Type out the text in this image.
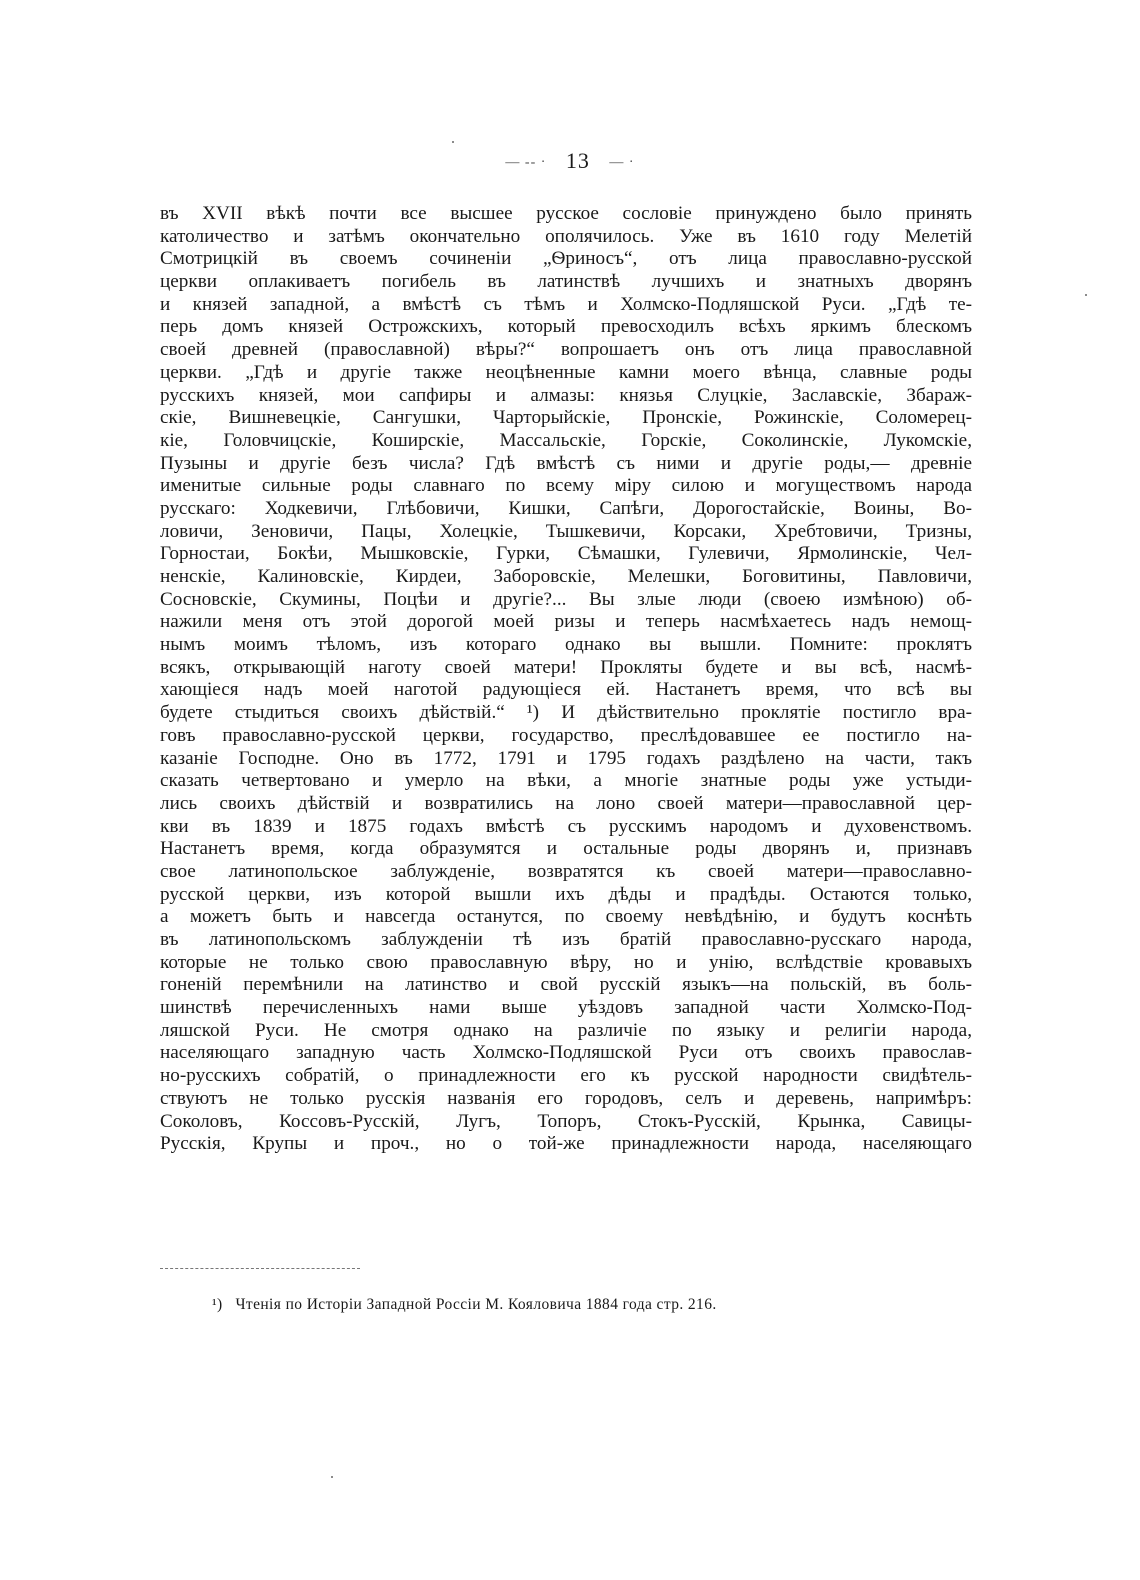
— -- · 13 — ·
въ XVII вѣкѣ почти все высшее русское сословіе принуждено было принять
католичество и затѣмъ окончательно ополячилось. Уже въ 1610 году Мелетій
Смотрицкій въ своемъ сочиненіи „Ѳриносъ“, отъ лица православно-русской
церкви оплакиваетъ погибель въ латинствѣ лучшихъ и знатныхъ дворянъ
и князей западной, а вмѣстѣ съ тѣмъ и Холмско-Подляшской Руси. „Гдѣ те-
перь домъ князей Острожскихъ, который превосходилъ всѣхъ яркимъ блескомъ
своей древней (православной) вѣры?“ вопрошаетъ онъ отъ лица православной
церкви. „Гдѣ и другіе также неоцѣненные камни моего вѣнца, славные роды
русскихъ князей, мои сапфиры и алмазы: князья Слуцкіе, Заславскіе, Збараж-
скіе, Вишневецкіе, Сангушки, Чарторыйскіе, Пронскіе, Рожинскіе, Соломерец-
кіе, Головчицскіе, Коширскіе, Массальскіе, Горскіе, Соколинскіе, Лукомскіе,
Пузыны и другіе безъ числа? Гдѣ вмѣстѣ съ ними и другіе роды,— древніе
именитые сильные роды славнаго по всему міру силою и могуществомъ народа
русскаго: Ходкевичи, Глѣбовичи, Кишки, Сапѣги, Дорогостайскіе, Воины, Во-
ловичи, Зеновичи, Пацы, Холецкіе, Тышкевичи, Корсаки, Хребтовичи, Тризны,
Горностаи, Бокѣи, Мышковскіе, Гурки, Сѣмашки, Гулевичи, Ярмолинскіе, Чел-
ненскіе, Калиновскіе, Кирдеи, Заборовскіе, Мелешки, Боговитины, Павловичи,
Сосновскіе, Скумины, Поцѣи и другіе?... Вы злые люди (своею измѣною) об-
нажили меня отъ этой дорогой моей ризы и теперь насмѣхаетесь надъ немощ-
нымъ моимъ тѣломъ, изъ котораго однако вы вышли. Помните: проклятъ
всякъ, открывающій наготу своей матери! Прокляты будете и вы всѣ, насмѣ-
хающіеся надъ моей наготой радующіеся ей. Настанетъ время, что всѣ вы
будете стыдиться своихъ дѣйствій.“ ¹) И дѣйствительно проклятіе постигло вра-
говъ православно-русской церкви, государство, преслѣдовавшее ее постигло на-
казаніе Господне. Оно въ 1772, 1791 и 1795 годахъ раздѣлено на части, такъ
сказать четвертовано и умерло на вѣки, а многіе знатные роды уже устыди-
лись своихъ дѣйствій и возвратились на лоно своей матери—православной цер-
кви въ 1839 и 1875 годахъ вмѣстѣ съ русскимъ народомъ и духовенствомъ.
Настанетъ время, когда образумятся и остальные роды дворянъ и, признавъ
свое латинопольское заблужденіе, возвратятся къ своей матери—православно-
русской церкви, изъ которой вышли ихъ дѣды и прадѣды. Остаются только,
а можетъ быть и навсегда останутся, по своему невѣдѣнію, и будутъ коснѣть
въ латинопольскомъ заблужденіи тѣ изъ братій православно-русскаго народа,
которые не только свою православную вѣру, но и унію, вслѣдствіе кровавыхъ
гоненій перемѣнили на латинство и свой русскій языкъ—на польскій, въ боль-
шинствѣ перечисленныхъ нами выше уѣздовъ западной части Холмско-Под-
ляшской Руси. Не смотря однако на различіе по языку и религіи народа,
населяющаго западную часть Холмско-Подляшской Руси отъ своихъ православ-
но-русскихъ собратій, о принадлежности его къ русской народности свидѣтель-
ствуютъ не только русскія названія его городовъ, селъ и деревень, напримѣръ:
Соколовъ, Коссовъ-Русскій, Лугъ, Топоръ, Стокъ-Русскій, Крынка, Савицы-
Русскія, Крупы и проч., но о той-же принадлежности народа, населяющаго
¹) Чтенія по Исторіи Западной Россіи М. Кояловича 1884 года стр. 216.
